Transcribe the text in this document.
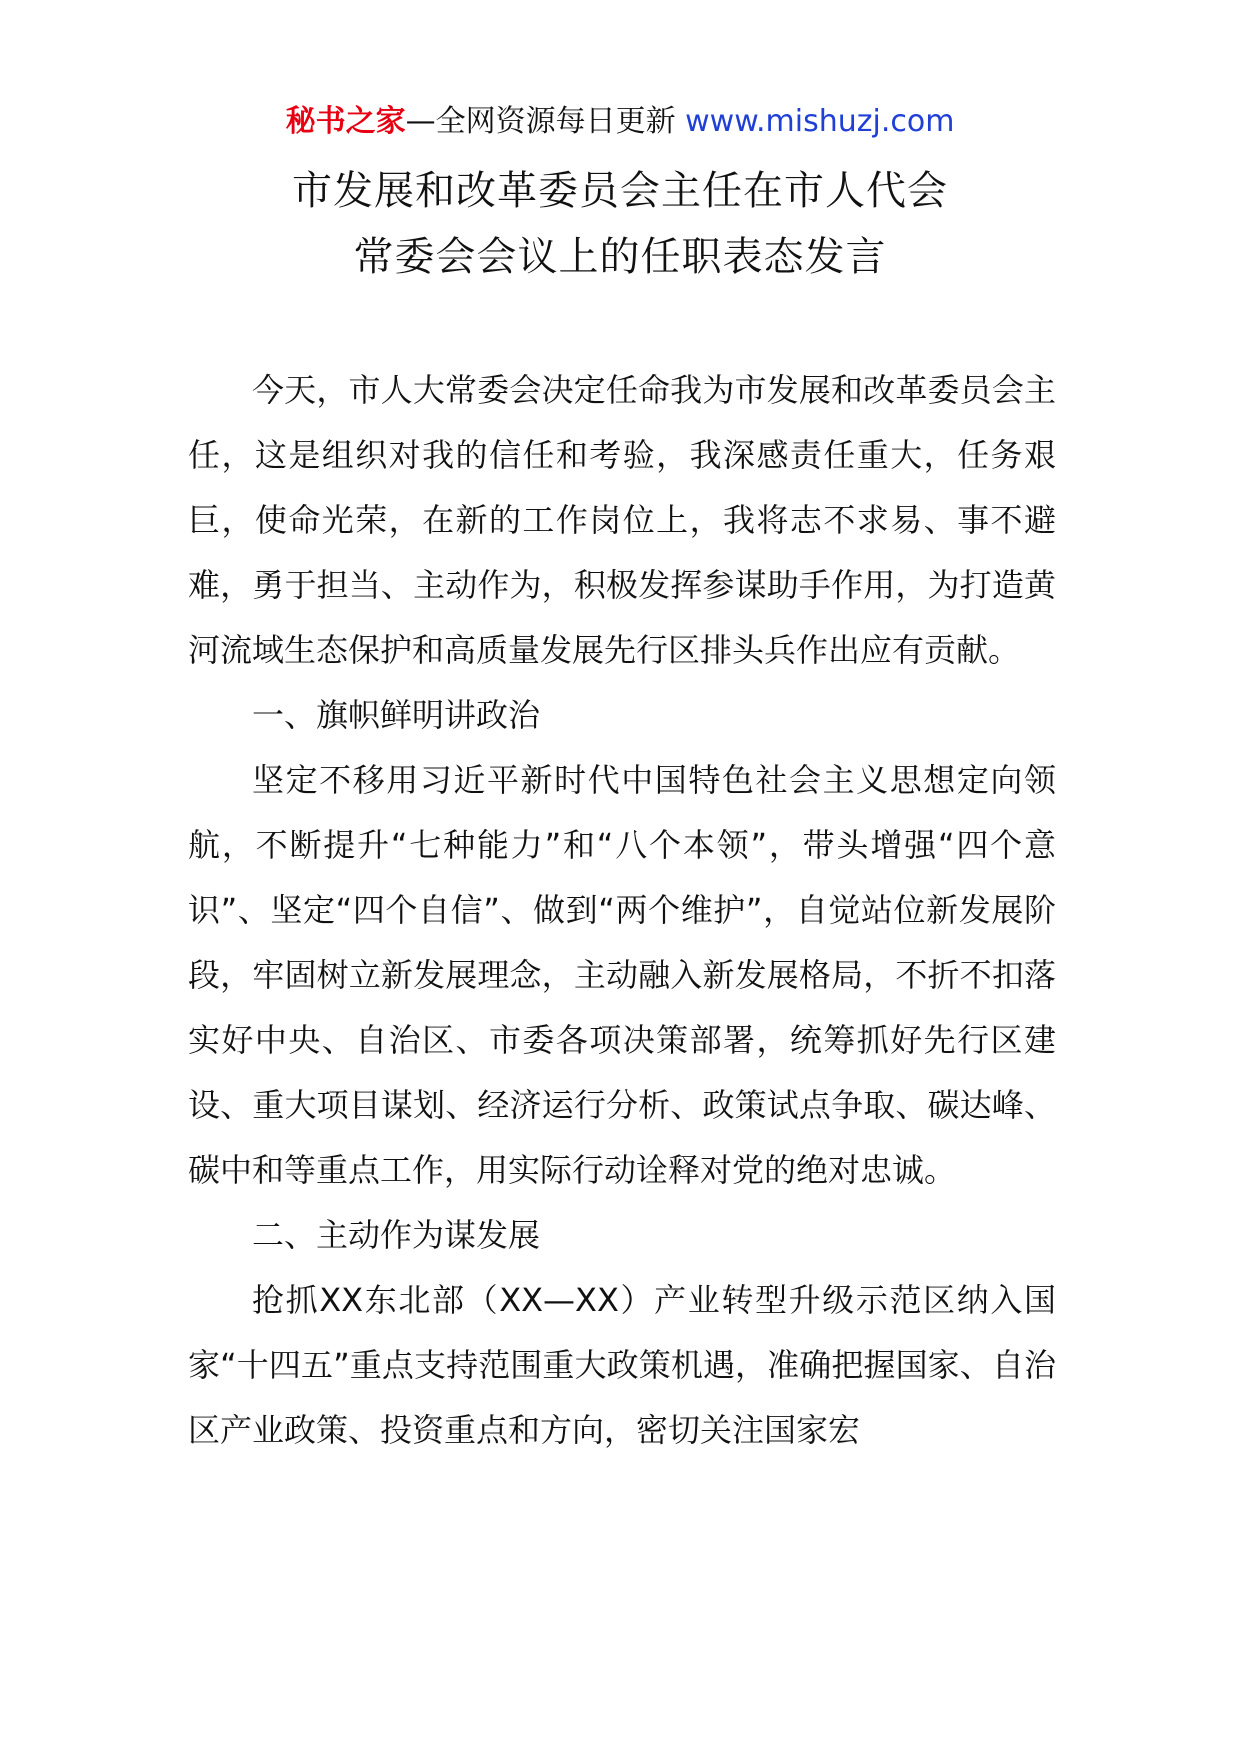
秘书之家—全网资源每日更新 www.mishuzj.com
市发展和改革委员会主任在市人代会
常委会会议上的任职表态发言

今天，市人大常委会决定任命我为市发展和改革委员会主任，这是组织对我的信任和考验，我深感责任重大，任务艰巨，使命光荣，在新的工作岗位上，我将志不求易、事不避难，勇于担当、主动作为，积极发挥参谋助手作用，为打造黄河流域生态保护和高质量发展先行区排头兵作出应有贡献。

一、旗帜鲜明讲政治

坚定不移用习近平新时代中国特色社会主义思想定向领航，不断提升“七种能力”和“八个本领”，带头增强“四个意识”、坚定“四个自信”、做到“两个维护”，自觉站位新发展阶段，牢固树立新发展理念，主动融入新发展格局，不折不扣落实好中央、自治区、市委各项决策部署，统筹抓好先行区建设、重大项目谋划、经济运行分析、政策试点争取、碳达峰、碳中和等重点工作，用实际行动诠释对党的绝对忠诚。

二、主动作为谋发展

抢抓XX东北部（XX—XX）产业转型升级示范区纳入国家“十四五”重点支持范围重大政策机遇，准确把握国家、自治区产业政策、投资重点和方向，密切关注国家宏
